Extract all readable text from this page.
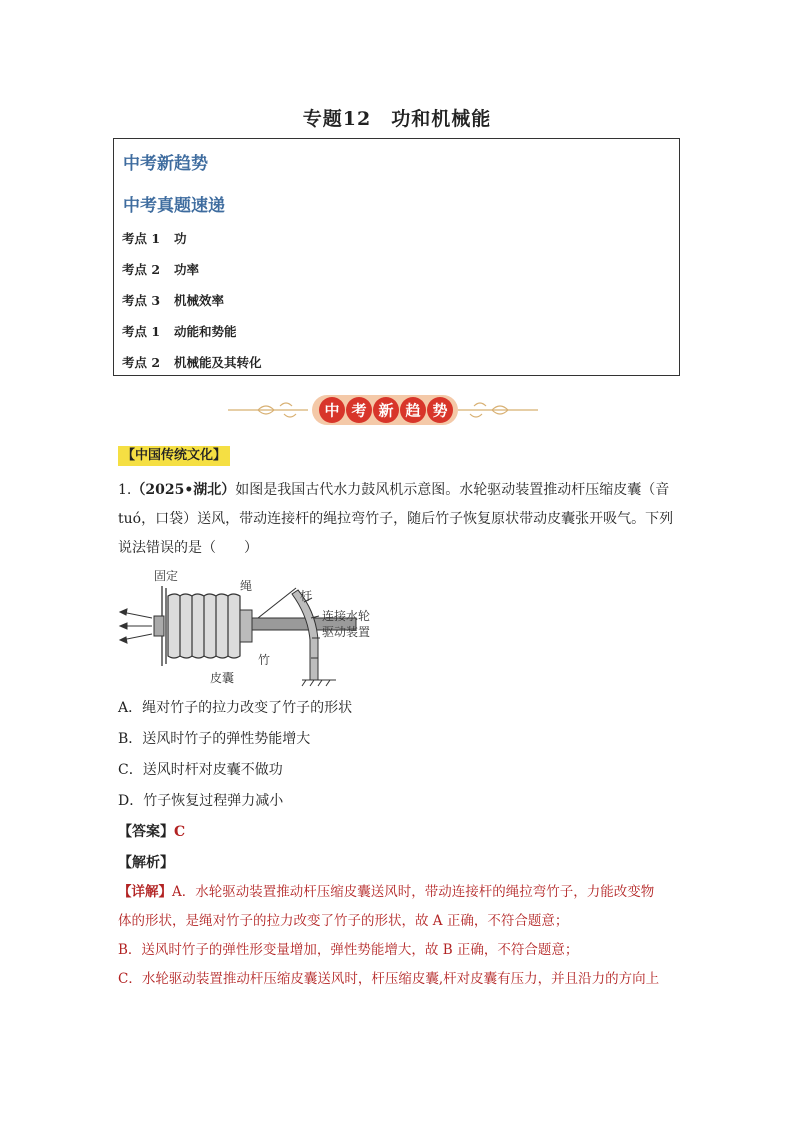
专题12　功和机械能
中考新趋势
中考真题速递
考点 1 功
考点 2 功率
考点 3 机械效率
考点 1 动能和势能
考点 2 机械能及其转化
中 考 新 趋 势
【中国传统文化】
1.（2025•湖北）如图是我国古代水力鼓风机示意图。水轮驱动装置推动杆压缩皮囊（音
tuó，口袋）送风，带动连接杆的绳拉弯竹子，随后竹子恢复原状带动皮囊张开吸气。下列
说法错误的是（　　）
固定
绳
杆
连接水轮
驱动装置
竹
皮囊
A．绳对竹子的拉力改变了竹子的形状
B．送风时竹子的弹性势能增大
C．送风时杆对皮囊不做功
D．竹子恢复过程弹力减小
【答案】C
【解析】
【详解】A．水轮驱动装置推动杆压缩皮囊送风时，带动连接杆的绳拉弯竹子，力能改变物
体的形状，是绳对竹子的拉力改变了竹子的形状，故 A 正确，不符合题意；
B．送风时竹子的弹性形变量增加，弹性势能增大，故 B 正确，不符合题意；
C．水轮驱动装置推动杆压缩皮囊送风时，杆压缩皮囊,杆对皮囊有压力，并且沿力的方向上
